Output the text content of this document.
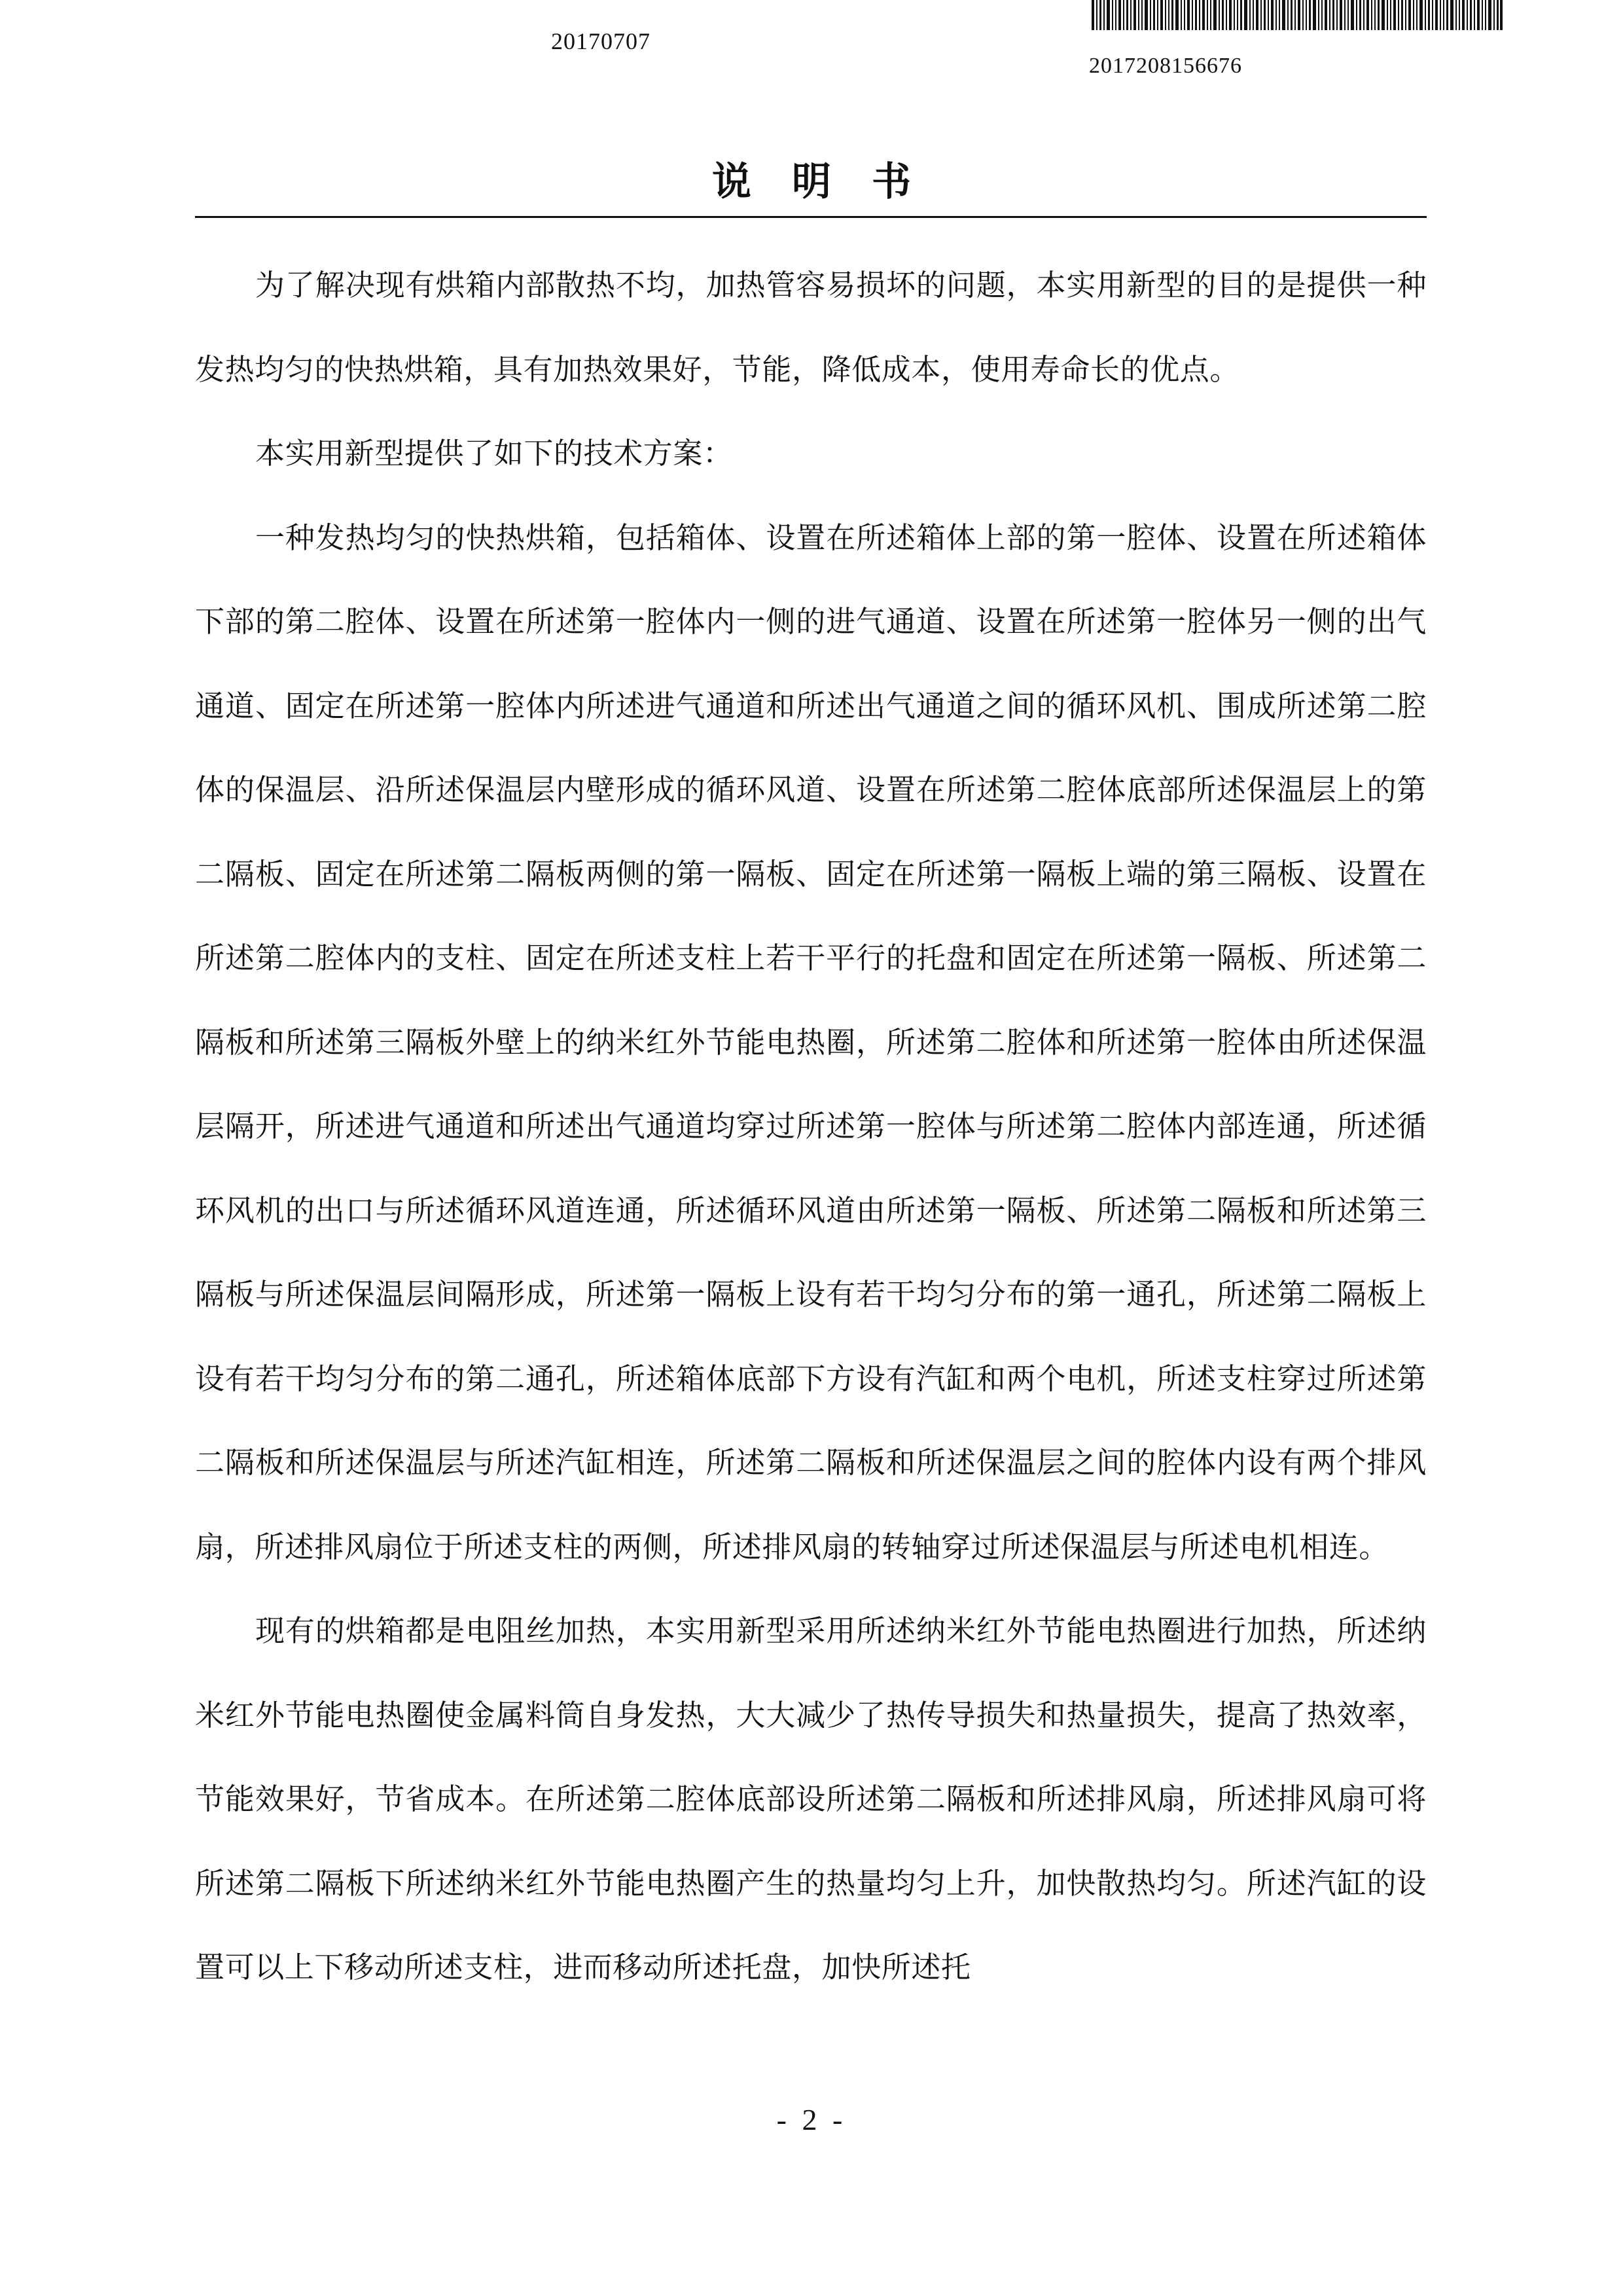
20170707
2017208156676
说明书

为了解决现有烘箱内部散热不均，加热管容易损坏的问题，本实用新型的目的是提供一种发热均匀的快热烘箱，具有加热效果好，节能，降低成本，使用寿命长的优点。

本实用新型提供了如下的技术方案：

一种发热均匀的快热烘箱，包括箱体、设置在所述箱体上部的第一腔体、设置在所述箱体下部的第二腔体、设置在所述第一腔体内一侧的进气通道、设置在所述第一腔体另一侧的出气通道、固定在所述第一腔体内所述进气通道和所述出气通道之间的循环风机、围成所述第二腔体的保温层、沿所述保温层内壁形成的循环风道、设置在所述第二腔体底部所述保温层上的第二隔板、固定在所述第二隔板两侧的第一隔板、固定在所述第一隔板上端的第三隔板、设置在所述第二腔体内的支柱、固定在所述支柱上若干平行的托盘和固定在所述第一隔板、所述第二隔板和所述第三隔板外壁上的纳米红外节能电热圈，所述第二腔体和所述第一腔体由所述保温层隔开，所述进气通道和所述出气通道均穿过所述第一腔体与所述第二腔体内部连通，所述循环风机的出口与所述循环风道连通，所述循环风道由所述第一隔板、所述第二隔板和所述第三隔板与所述保温层间隔形成，所述第一隔板上设有若干均匀分布的第一通孔，所述第二隔板上设有若干均匀分布的第二通孔，所述箱体底部下方设有汽缸和两个电机，所述支柱穿过所述第二隔板和所述保温层与所述汽缸相连，所述第二隔板和所述保温层之间的腔体内设有两个排风扇，所述排风扇位于所述支柱的两侧，所述排风扇的转轴穿过所述保温层与所述电机相连。

现有的烘箱都是电阻丝加热，本实用新型采用所述纳米红外节能电热圈进行加热，所述纳米红外节能电热圈使金属料筒自身发热，大大减少了热传导损失和热量损失，提高了热效率，节能效果好，节省成本。在所述第二腔体底部设所述第二隔板和所述排风扇，所述排风扇可将所述第二隔板下所述纳米红外节能电热圈产生的热量均匀上升，加快散热均匀。所述汽缸的设置可以上下移动所述支柱，进而移动所述托盘，加快所述托

- 2 -
